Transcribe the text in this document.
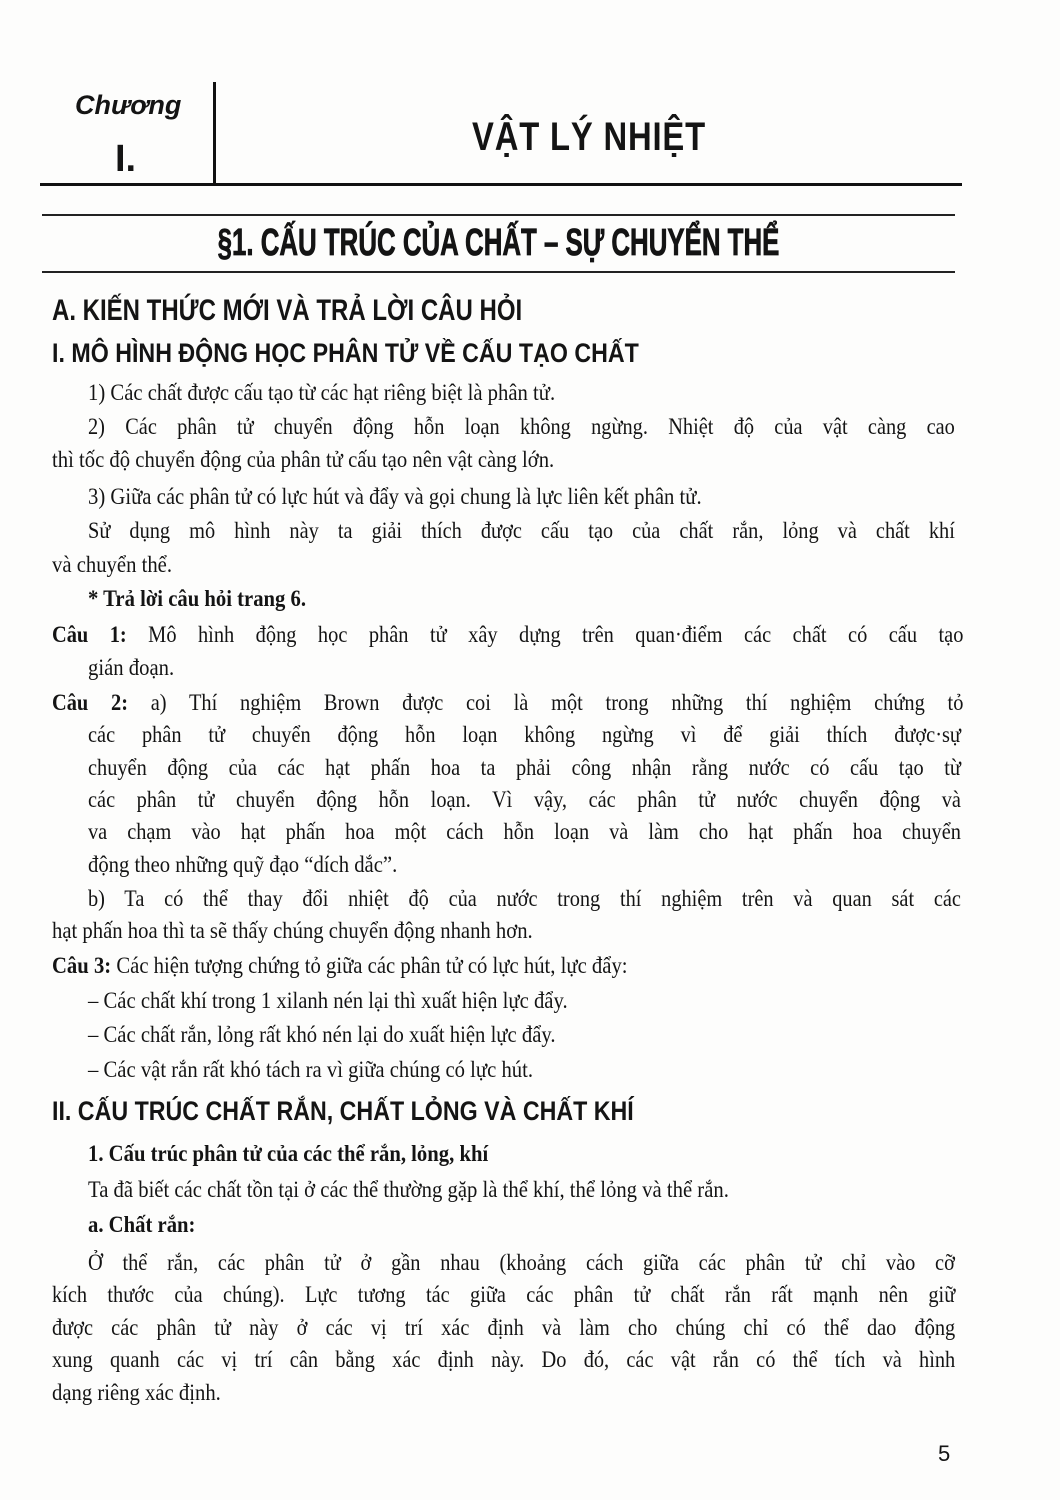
Chương
I.	VẬT LÝ NHIỆT
§1. CẤU TRÚC CỦA CHẤT – SỰ CHUYỂN THỂ
A. KIẾN THỨC MỚI VÀ TRẢ LỜI CÂU HỎI
I. MÔ HÌNH ĐỘNG HỌC PHÂN TỬ VỀ CẤU TẠO CHẤT
1) Các chất được cấu tạo từ các hạt riêng biệt là phân tử.
2) Các phân tử chuyển động hỗn loạn không ngừng. Nhiệt độ của vật càng cao
thì tốc độ chuyển động của phân tử cấu tạo nên vật càng lớn.
3) Giữa các phân tử có lực hút và đẩy và gọi chung là lực liên kết phân tử.
Sử dụng mô hình này ta giải thích được cấu tạo của chất rắn, lỏng và chất khí
và chuyển thể.
* Trả lời câu hỏi trang 6.
Câu 1: Mô hình động học phân tử xây dựng trên quan·điểm các chất có cấu tạo
gián đoạn.
Câu 2: a) Thí nghiệm Brown được coi là một trong những thí nghiệm chứng tỏ
các phân tử chuyển động hỗn loạn không ngừng vì để giải thích được·sự
chuyển động của các hạt phấn hoa ta phải công nhận rằng nước có cấu tạo từ
các phân tử chuyển động hỗn loạn. Vì vậy, các phân tử nước chuyển động và
va chạm vào hạt phấn hoa một cách hỗn loạn và làm cho hạt phấn hoa chuyển
động theo những quỹ đạo “dích dắc”.
b) Ta có thể thay đổi nhiệt độ của nước trong thí nghiệm trên và quan sát các
hạt phấn hoa thì ta sẽ thấy chúng chuyển động nhanh hơn.
Câu 3: Các hiện tượng chứng tỏ giữa các phân tử có lực hút, lực đẩy:
– Các chất khí trong 1 xilanh nén lại thì xuất hiện lực đẩy.
– Các chất rắn, lỏng rất khó nén lại do xuất hiện lực đẩy.
– Các vật rắn rất khó tách ra vì giữa chúng có lực hút.
II. CẤU TRÚC CHẤT RẮN, CHẤT LỎNG VÀ CHẤT KHÍ
1. Cấu trúc phân tử của các thể rắn, lỏng, khí
Ta đã biết các chất tồn tại ở các thể thường gặp là thể khí, thể lỏng và thể rắn.
a. Chất rắn:
Ở thể rắn, các phân tử ở gần nhau (khoảng cách giữa các phân tử chỉ vào cỡ
kích thước của chúng). Lực tương tác giữa các phân tử chất rắn rất mạnh nên giữ
được các phân tử này ở các vị trí xác định và làm cho chúng chỉ có thể dao động
xung quanh các vị trí cân bằng xác định này. Do đó, các vật rắn có thể tích và hình
dạng riêng xác định.
5
